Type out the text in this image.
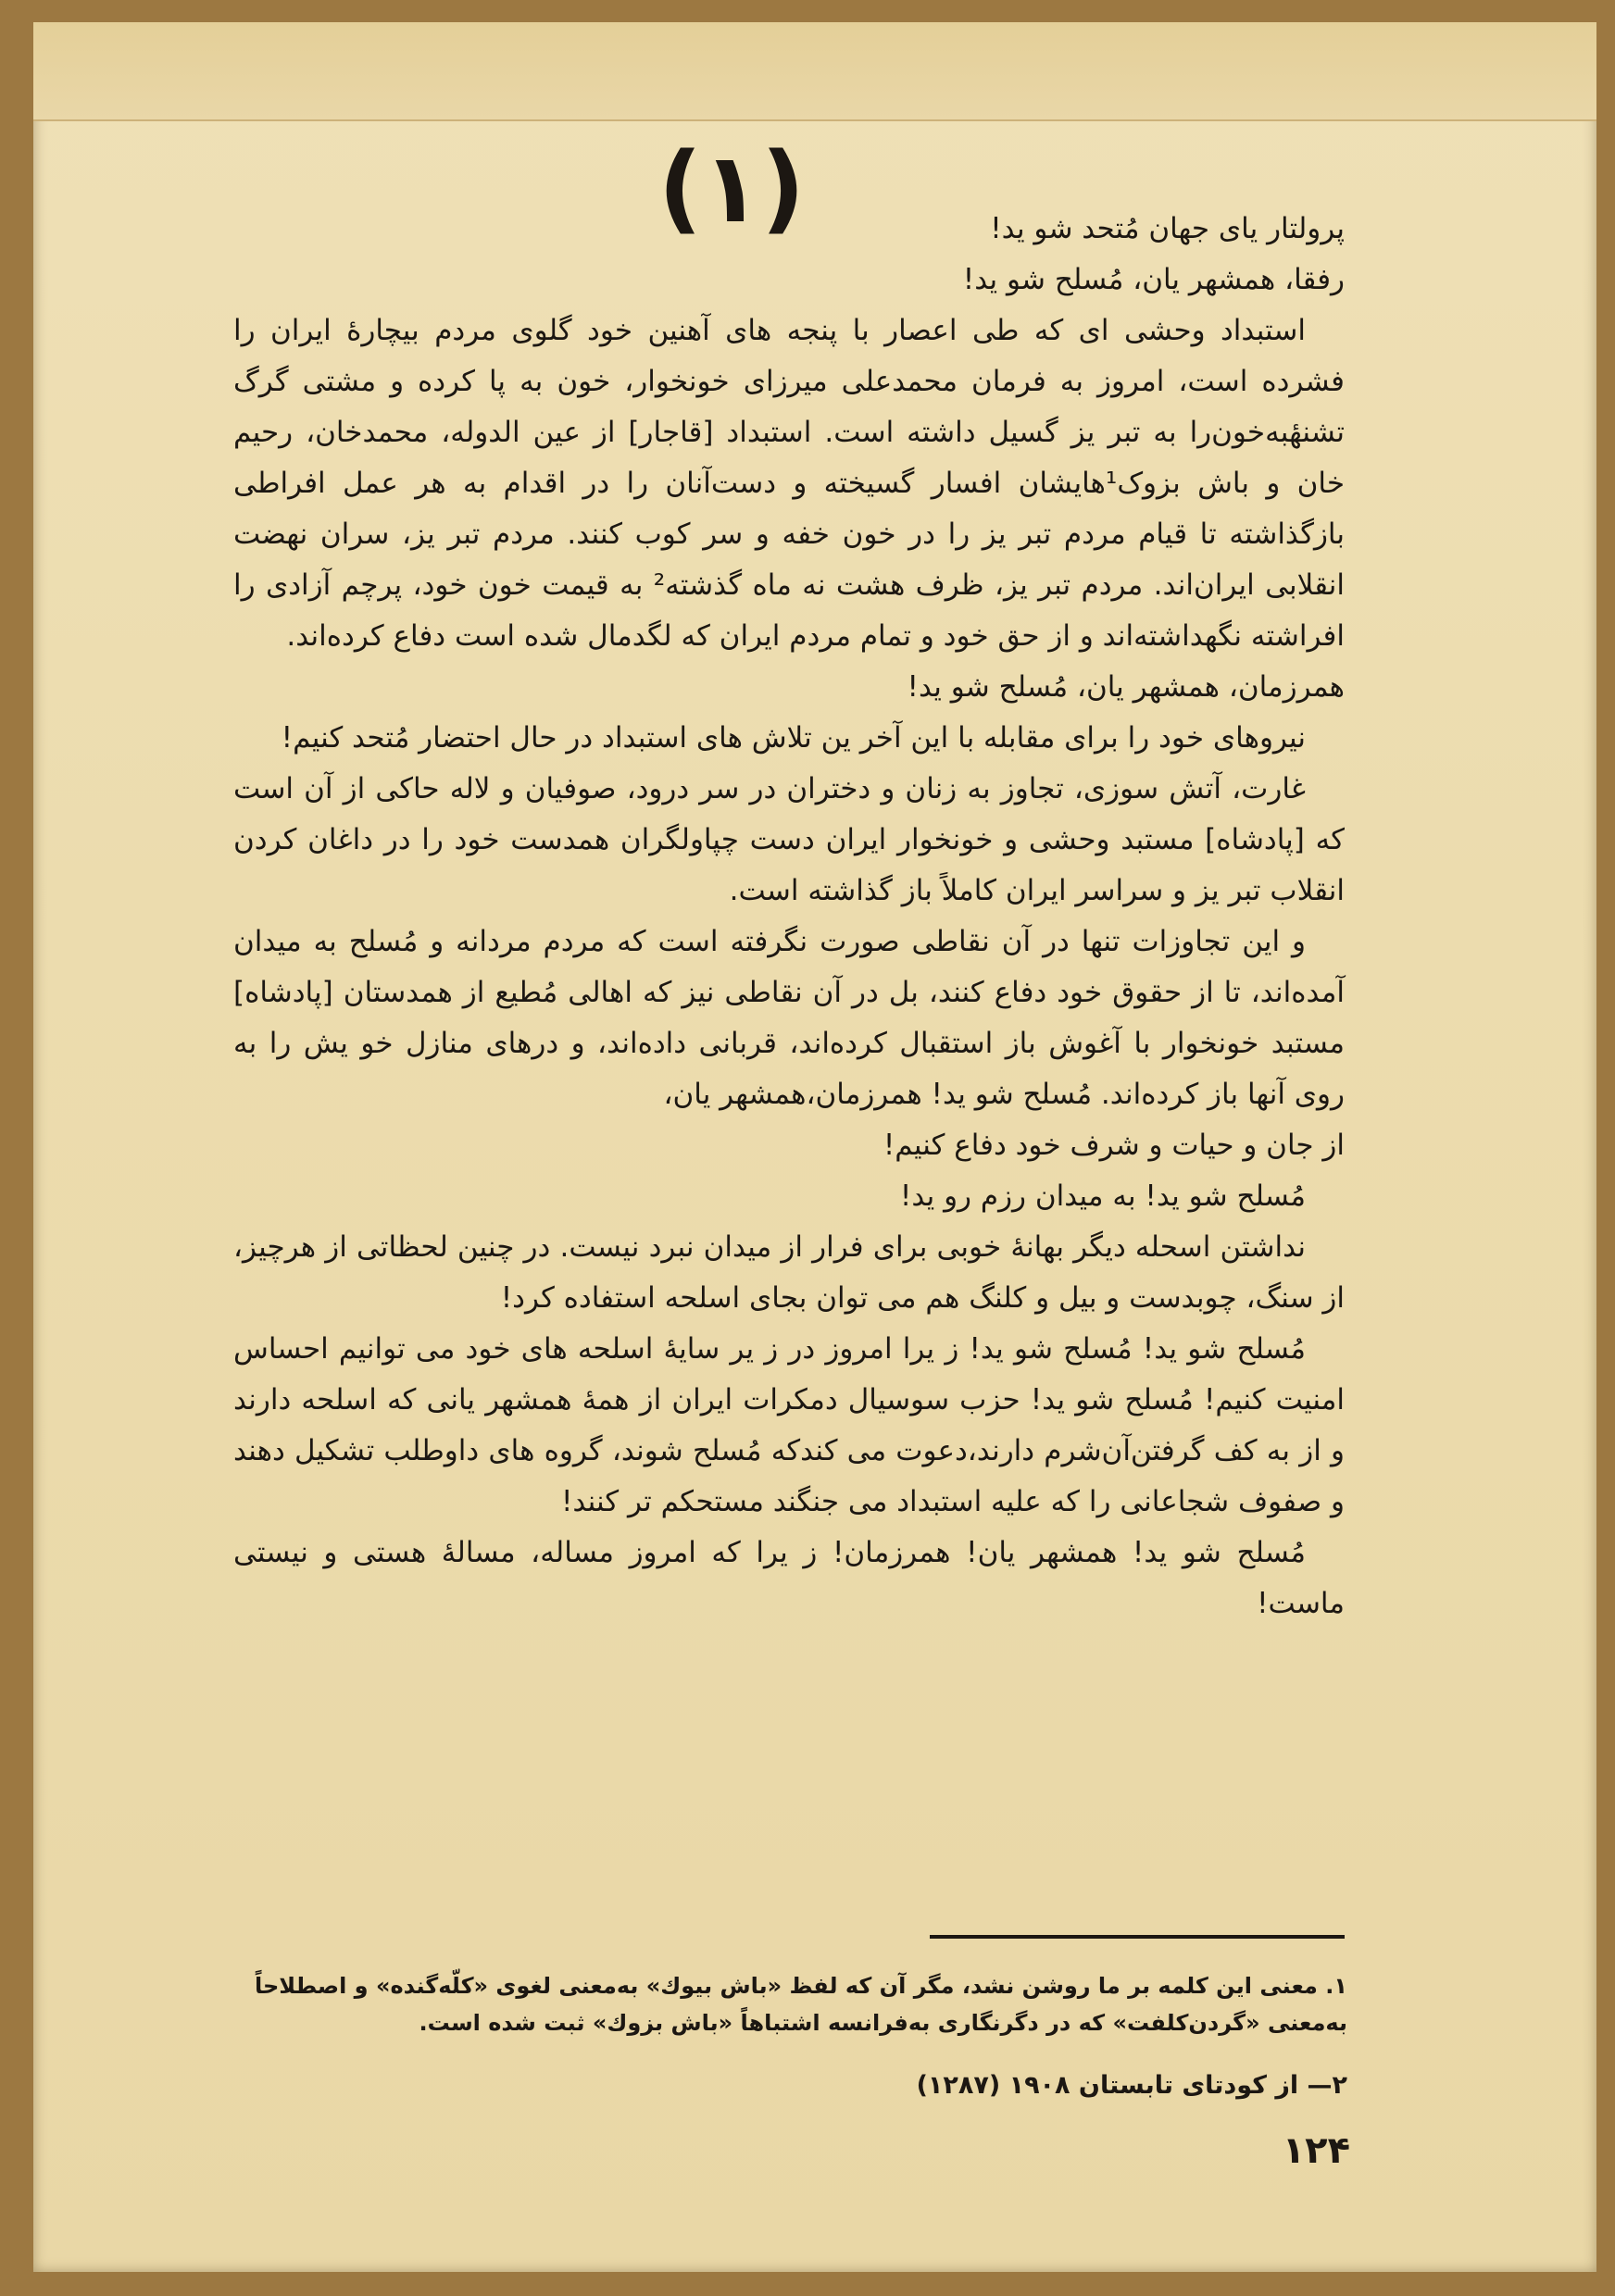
(۱)	پرولتار یای جهان مُتحد شو ید!

رفقا، همشهر یان، مُسلح شو ید!

استبداد وحشی ای که طی اعصار با پنجه های آهنین خود گلوی مردم بیچارهٔ ایران را فشرده است، امروز به فرمان محمدعلی میرزای خونخوار، خون به پا کرده و مشتی گرگ تشنهٔبه‌خون‌را به تبر یز گسیل داشته است. استبداد [قاجار] از عین الدوله، محمدخان، رحیم خان و باش بزوک‌¹هایشان افسار گسیخته و دست‌آنان را در اقدام به هر عمل افراطی بازگذاشته تا قیام مردم تبر یز را در خون خفه و سر کوب کنند. مردم تبر یز، سران نهضت انقلابی ایران‌اند. مردم تبر یز، ظرف هشت نه ماه گذشته² به قیمت خون خود، پرچم آزادی را افراشته نگهداشته‌اند و از حق خود و تمام مردم ایران که لگدمال شده است دفاع کرده‌اند.

همرزمان، همشهر یان، مُسلح شو ید!

نیروهای خود را برای مقابله با این آخر ین تلاش های استبداد در حال احتضار مُتحد کنیم!

غارت، آتش سوزی، تجاوز به زنان و دختران در سر درود، صوفیان و لاله حاکی از آن است که [پادشاه] مستبد وحشی و خونخوار ایران دست چپاولگران همدست خود را در داغان کردن انقلاب تبر یز و سراسر ایران کاملاً باز گذاشته است.

و این تجاوزات تنها در آن نقاطی صورت نگرفته است که مردم مردانه و مُسلح به میدان آمده‌اند، تا از حقوق خود دفاع کنند، بل در آن نقاطی نیز که اهالی مُطیع از همدستان [پادشاه] مستبد خونخوار با آغوش باز استقبال کرده‌اند، قربانی داده‌اند، و درهای منازل خو یش را به روی آنها باز کرده‌اند. مُسلح شو ید! همرزمان،همشهر یان،

از جان و حیات و شرف خود دفاع کنیم!

مُسلح شو ید! به میدان رزم رو ید!

نداشتن اسحله دیگر بهانهٔ خوبی برای فرار از میدان نبرد نیست. در چنین لحظاتی از هرچیز، از سنگ، چوبدست و بیل و کلنگ هم می توان بجای اسلحه استفاده کرد!

مُسلح شو ید! مُسلح شو ید! ز یرا امروز در ز یر سایهٔ اسلحه های خود می توانیم احساس امنیت کنیم! مُسلح شو ید! حزب سوسیال دمکرات ایران از همهٔ همشهر یانی که اسلحه دارند و از به کف گرفتن‌آن‌شرم دارند،دعوت می کندکه مُسلح شوند، گروه های داوطلب تشکیل دهند و صفوف شجاعانی را که علیه استبداد می جنگند مستحکم تر کنند!

مُسلح شو ید! همشهر یان! همرزمان! ز یرا که امروز مساله، مسالهٔ هستی و نیستی ماست!

۱. معنی این کلمه بر ما روشن نشد، مگر آن که لفظ «باش بیوك» به‌معنی لغوی «کلّه‌گنده» و اصطلاحاً به‌معنی «گردن‌کلفت» که در دگرنگاری به‌فرانسه اشتباهاً «باش بزوك» ثبت شده است.

۲— از کودتای تابستان ۱۹۰۸ (۱۲۸۷)

۱۲۴
